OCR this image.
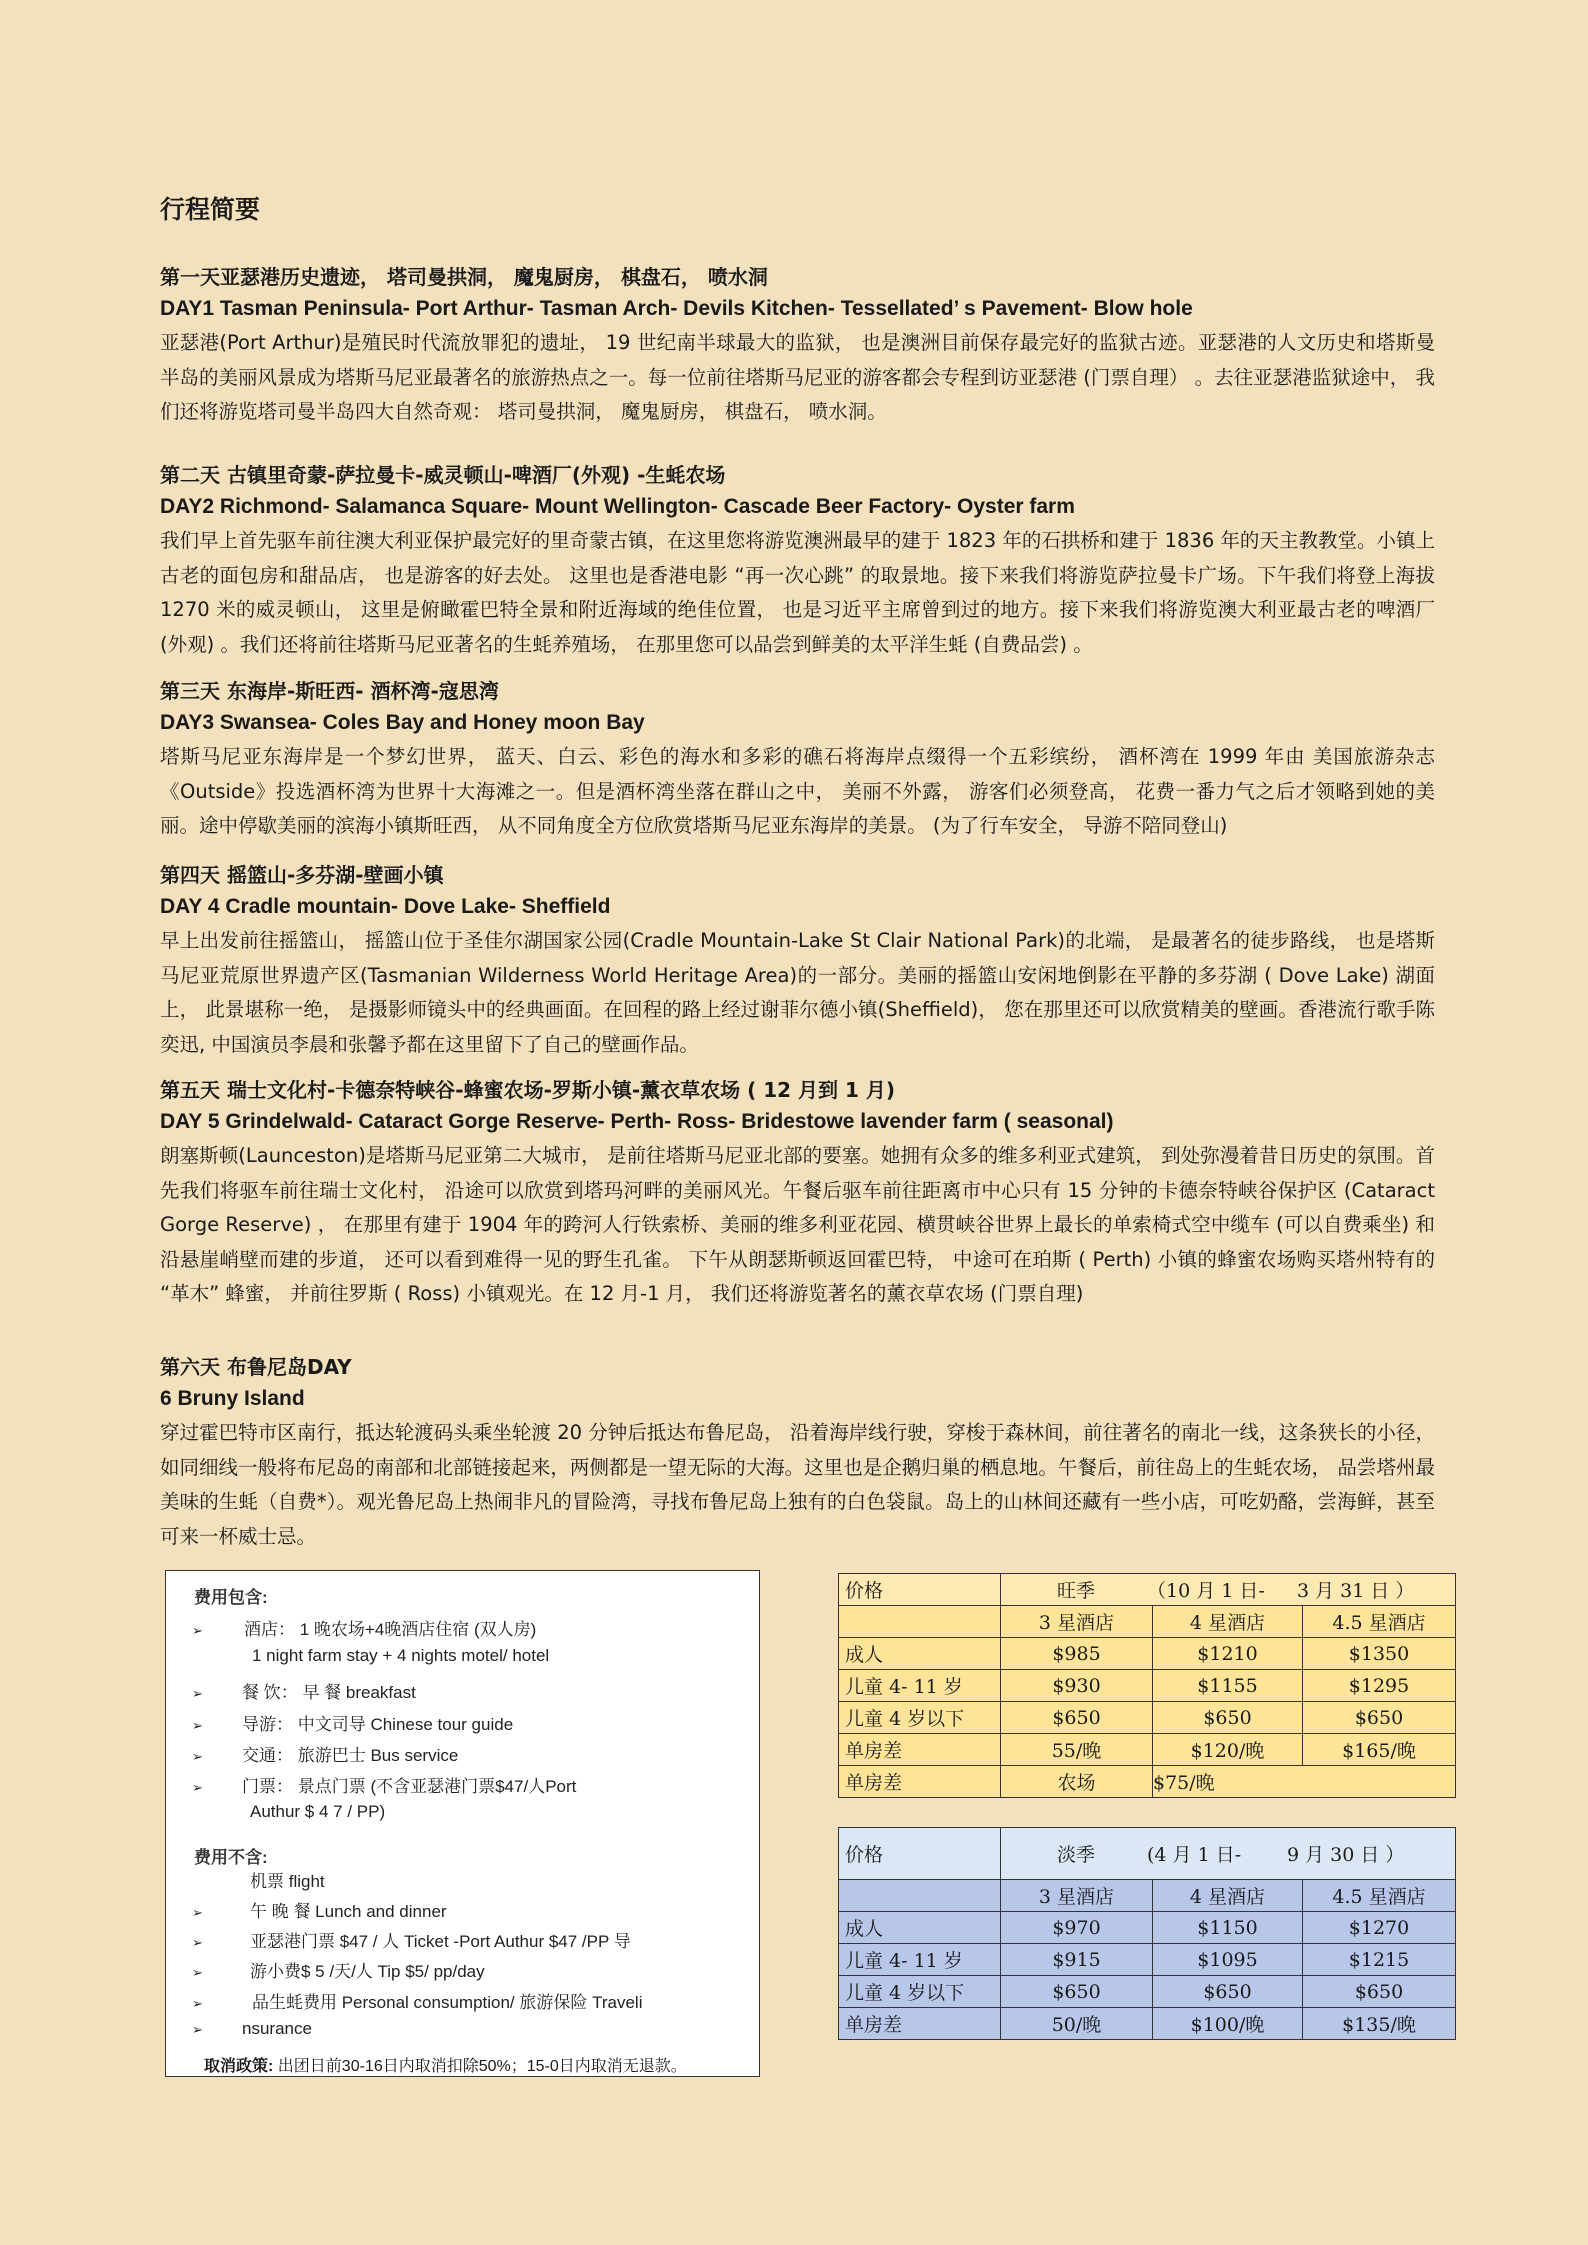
行程简要
第一天亚瑟港历史遗迹， 塔司曼拱洞， 魔鬼厨房， 棋盘石， 喷水洞
DAY1 Tasman Peninsula- Port Arthur- Tasman Arch- Devils Kitchen- Tessellated’ s Pavement- Blow hole
亚瑟港(Port Arthur)是殖民时代流放罪犯的遗址， 19 世纪南半球最大的监狱， 也是澳洲目前保存最完好的监狱古迹。亚瑟港的人文历史和塔斯曼半岛的美丽风景成为塔斯马尼亚最著名的旅游热点之一。每一位前往塔斯马尼亚的游客都会专程到访亚瑟港 (门票自理） 。去往亚瑟港监狱途中， 我们还将游览塔司曼半岛四大自然奇观： 塔司曼拱洞， 魔鬼厨房， 棋盘石， 喷水洞。
第二天 古镇里奇蒙-萨拉曼卡-威灵顿山-啤酒厂(外观) -生蚝农场
DAY2 Richmond- Salamanca Square- Mount Wellington- Cascade Beer Factory- Oyster farm
我们早上首先驱车前往澳大利亚保护最完好的里奇蒙古镇，在这里您将游览澳洲最早的建于 1823 年的石拱桥和建于 1836 年的天主教教堂。小镇上古老的面包房和甜品店， 也是游客的好去处。 这里也是香港电影 “再一次心跳” 的取景地。接下来我们将游览萨拉曼卡广场。下午我们将登上海拔 1270 米的威灵顿山， 这里是俯瞰霍巴特全景和附近海域的绝佳位置， 也是习近平主席曾到过的地方。接下来我们将游览澳大利亚最古老的啤酒厂 (外观) 。我们还将前往塔斯马尼亚著名的生蚝养殖场， 在那里您可以品尝到鲜美的太平洋生蚝 (自费品尝) 。
第三天 东海岸-斯旺西- 酒杯湾-寇思湾
DAY3 Swansea- Coles Bay and Honey moon Bay
塔斯马尼亚东海岸是一个梦幻世界， 蓝天、白云、彩色的海水和多彩的礁石将海岸点缀得一个五彩缤纷， 酒杯湾在 1999 年由 美国旅游杂志《Outside》投选酒杯湾为世界十大海滩之一。但是酒杯湾坐落在群山之中， 美丽不外露， 游客们必须登高， 花费一番力气之后才领略到她的美丽。途中停歇美丽的滨海小镇斯旺西， 从不同角度全方位欣赏塔斯马尼亚东海岸的美景。 (为了行车安全， 导游不陪同登山)
第四天 摇篮山-多芬湖-壁画小镇
DAY 4 Cradle mountain- Dove Lake- Sheffield
早上出发前往摇篮山， 摇篮山位于圣佳尔湖国家公园(Cradle Mountain-Lake St Clair National Park)的北端， 是最著名的徒步路线， 也是塔斯马尼亚荒原世界遗产区(Tasmanian Wilderness World Heritage Area)的一部分。美丽的摇篮山安闲地倒影在平静的多芬湖 ( Dove Lake) 湖面上， 此景堪称一绝， 是摄影师镜头中的经典画面。在回程的路上经过谢菲尔德小镇(Sheffield)， 您在那里还可以欣赏精美的壁画。香港流行歌手陈奕迅, 中国演员李晨和张馨予都在这里留下了自己的壁画作品。
第五天 瑞士文化村-卡德奈特峡谷-蜂蜜农场-罗斯小镇-薰衣草农场 ( 12 月到 1 月)
DAY 5 Grindelwald- Cataract Gorge Reserve- Perth- Ross- Bridestowe lavender farm ( seasonal)
朗塞斯顿(Launceston)是塔斯马尼亚第二大城市， 是前往塔斯马尼亚北部的要塞。她拥有众多的维多利亚式建筑， 到处弥漫着昔日历史的氛围。首先我们将驱车前往瑞士文化村， 沿途可以欣赏到塔玛河畔的美丽风光。午餐后驱车前往距离市中心只有 15 分钟的卡德奈特峡谷保护区 (Cataract Gorge Reserve) ， 在那里有建于 1904 年的跨河人行铁索桥、美丽的维多利亚花园、横贯峡谷世界上最长的单索椅式空中缆车 (可以自费乘坐) 和沿悬崖峭壁而建的步道， 还可以看到难得一见的野生孔雀。 下午从朗瑟斯顿返回霍巴特， 中途可在珀斯 ( Perth) 小镇的蜂蜜农场购买塔州特有的 “革木” 蜂蜜， 并前往罗斯 ( Ross) 小镇观光。在 12 月-1 月， 我们还将游览著名的薰衣草农场 (门票自理)
第六天 布鲁尼岛DAY
6 Bruny Island
穿过霍巴特市区南行，抵达轮渡码头乘坐轮渡 20 分钟后抵达布鲁尼岛， 沿着海岸线行驶，穿梭于森林间，前往著名的南北一线，这条狭长的小径，如同细线一般将布尼岛的南部和北部链接起来，两侧都是一望无际的大海。这里也是企鹅归巢的栖息地。午餐后，前往岛上的生蚝农场， 品尝塔州最美味的生蚝（自费*）。观光鲁尼岛上热闹非凡的冒险湾，寻找布鲁尼岛上独有的白色袋鼠。岛上的山林间还藏有一些小店，可吃奶酪，尝海鲜，甚至可来一杯威士忌。
费用包含:
➢ 酒店： 1 晚农场+4晚酒店住宿 (双人房)
1 night farm stay + 4 nights motel/ hotel
➢ 餐 饮： 早 餐 breakfast
➢ 导游： 中文司导 Chinese tour guide
➢ 交通： 旅游巴士 Bus service
➢ 门票： 景点门票 (不含亚瑟港门票$47/人Port
Authur $ 4 7 / PP)
费用不含:
机票 flight
➢	午 晚 餐 Lunch and dinner
➢	亚瑟港门票 $47 / 人 Ticket -Port Authur $47 /PP 导
➢	游小费$ 5 /天/人 Tip $5/ pp/day
➢	品生蚝费用 Personal consumption/ 旅游保险 Traveli
➢ nsurance
取消政策: 出团日前30-16日内取消扣除50%；15-0日内取消无退款。
价格	旺季 （10 月 1 日- 3 月 31 日 ）		
	3 星酒店	4 星酒店	4.5 星酒店
成人	$985	$1210	$1350
儿童 4- 11 岁	$930	$1155	$1295
儿童 4 岁以下	$650	$650	$650
单房差	55/晚	$120/晚	$165/晚
单房差	农场	$75/晚	
价格	淡季 (4 月 1 日- 9 月 30 日 ）		
	3 星酒店	4 星酒店	4.5 星酒店
成人	$970	$1150	$1270
儿童 4- 11 岁	$915	$1095	$1215
儿童 4 岁以下	$650	$650	$650
单房差	50/晚	$100/晚	$135/晚
